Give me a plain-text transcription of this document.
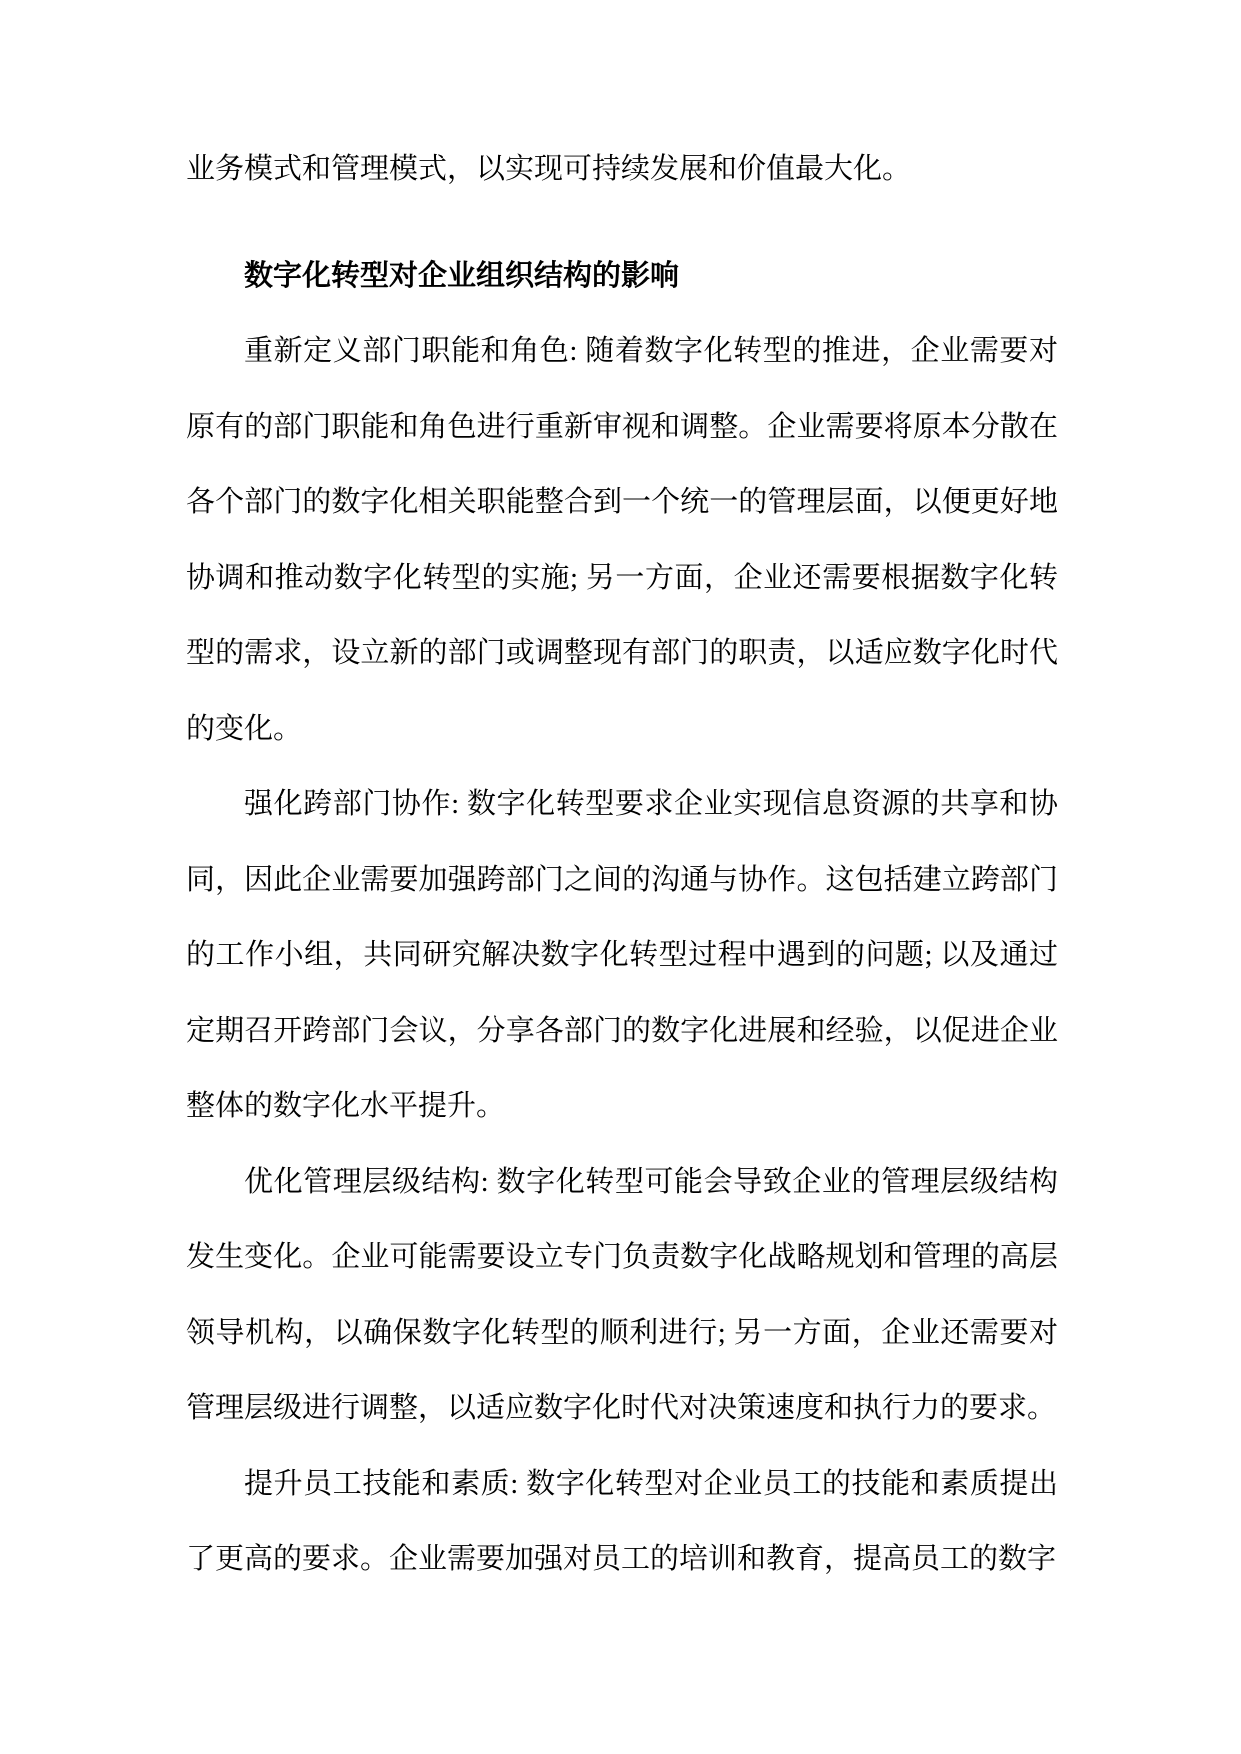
业务模式和管理模式，以实现可持续发展和价值最大化。

数字化转型对企业组织结构的影响

重新定义部门职能和角色: 随着数字化转型的推进，企业需要对原有的部门职能和角色进行重新审视和调整。企业需要将原本分散在各个部门的数字化相关职能整合到一个统一的管理层面，以便更好地协调和推动数字化转型的实施; 另一方面，企业还需要根据数字化转型的需求，设立新的部门或调整现有部门的职责，以适应数字化时代的变化。

强化跨部门协作: 数字化转型要求企业实现信息资源的共享和协同，因此企业需要加强跨部门之间的沟通与协作。这包括建立跨部门的工作小组，共同研究解决数字化转型过程中遇到的问题; 以及通过定期召开跨部门会议，分享各部门的数字化进展和经验，以促进企业整体的数字化水平提升。

优化管理层级结构: 数字化转型可能会导致企业的管理层级结构发生变化。企业可能需要设立专门负责数字化战略规划和管理的高层领导机构，以确保数字化转型的顺利进行; 另一方面，企业还需要对管理层级进行调整，以适应数字化时代对决策速度和执行力的要求。

提升员工技能和素质: 数字化转型对企业员工的技能和素质提出了更高的要求。企业需要加强对员工的培训和教育，提高员工的数字
